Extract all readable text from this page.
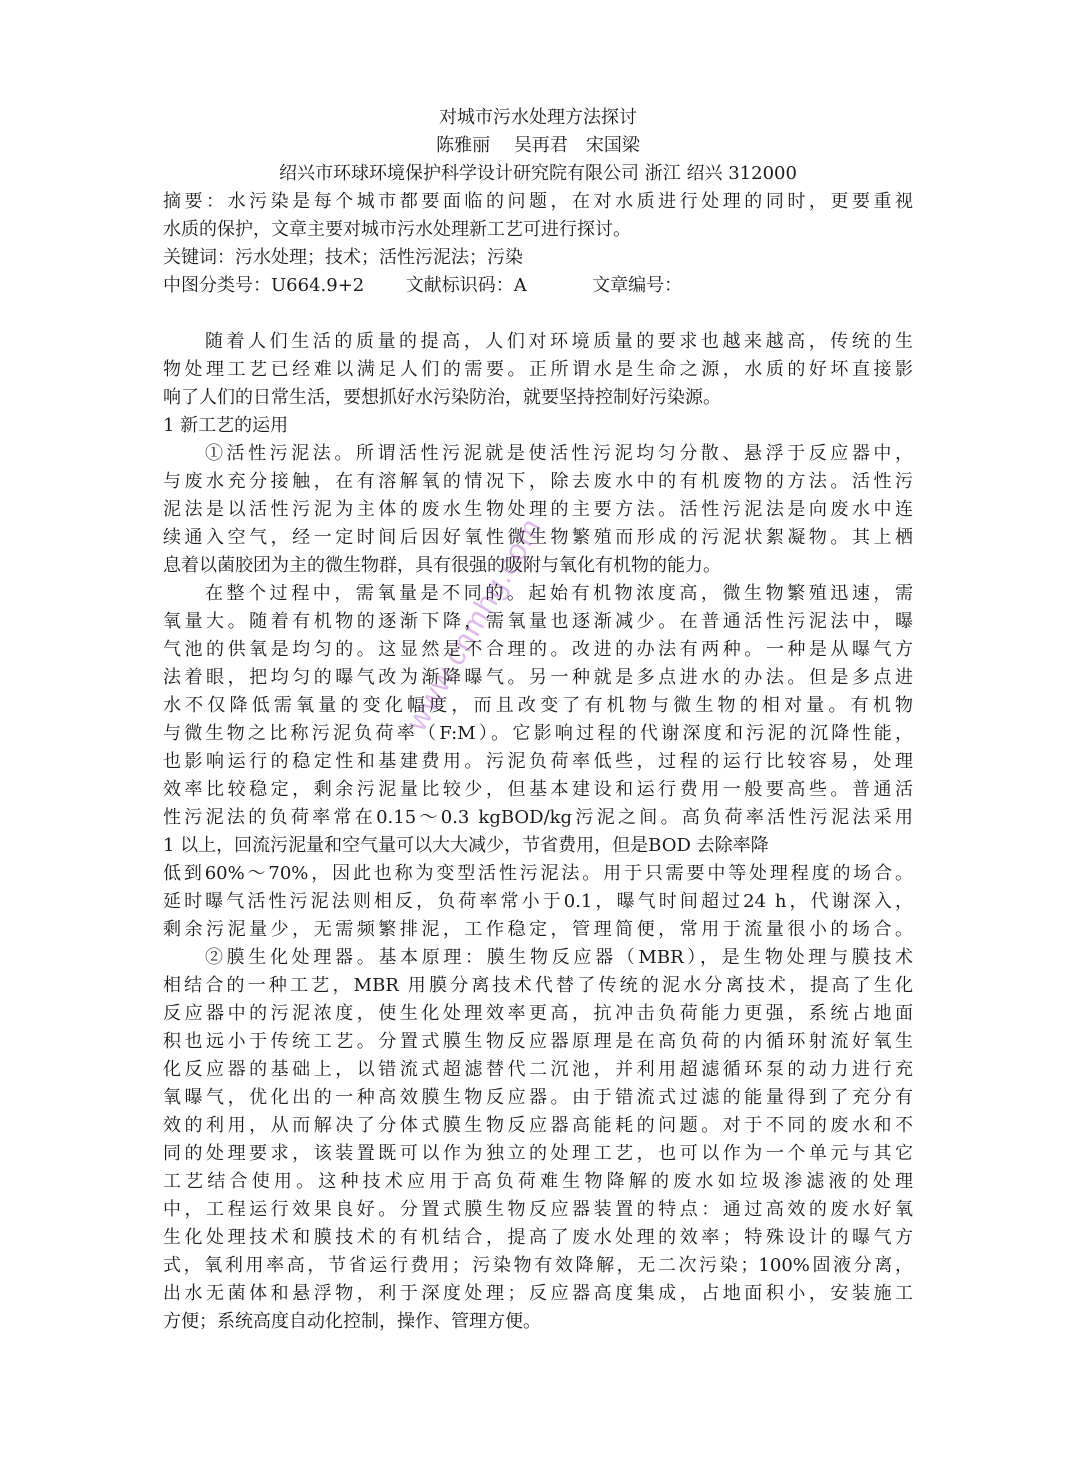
www.cnmhg.com
对城市污水处理方法探讨
陈雅丽　 吴再君　宋国梁
绍兴市环球环境保护科学设计研究院有限公司 浙江 绍兴 312000
摘要：水污染是每个城市都要面临的问题，在对水质进行处理的同时，更要重视
水质的保护，文章主要对城市污水处理新工艺可进行探讨。
关键词：污水处理；技术；活性污泥法；污染
中图分类号：U664.9+2 文献标识码：A	文章编号：
随着人们生活的质量的提高，人们对环境质量的要求也越来越高，传统的生
物处理工艺已经难以满足人们的需要。正所谓水是生命之源，水质的好坏直接影
响了人们的日常生活，要想抓好水污染防治，就要坚持控制好污染源。
1 新工艺的运用
①活性污泥法。所谓活性污泥就是使活性污泥均匀分散、悬浮于反应器中，
与废水充分接触，在有溶解氧的情况下，除去废水中的有机废物的方法。活性污
泥法是以活性污泥为主体的废水生物处理的主要方法。活性污泥法是向废水中连
续通入空气，经一定时间后因好氧性微生物繁殖而形成的污泥状絮凝物。其上栖
息着以菌胶团为主的微生物群，具有很强的吸附与氧化有机物的能力。
在整个过程中，需氧量是不同的。起始有机物浓度高，微生物繁殖迅速，需
氧量大。随着有机物的逐渐下降，需氧量也逐渐减少。在普通活性污泥法中，曝
气池的供氧是均匀的。这显然是不合理的。改进的办法有两种。一种是从曝气方
法着眼，把均匀的曝气改为渐降曝气。另一种就是多点进水的办法。但是多点进
水不仅降低需氧量的变化幅度，而且改变了有机物与微生物的相对量。有机物
与微生物之比称污泥负荷率（F:M）。它影响过程的代谢深度和污泥的沉降性能，
也影响运行的稳定性和基建费用。污泥负荷率低些，过程的运行比较容易，处理
效率比较稳定，剩余污泥量比较少，但基本建设和运行费用一般要高些。普通活
性污泥法的负荷率常在0.15～0.3 kgBOD/kg污泥之间。高负荷率活性污泥法采用
1 以上，回流污泥量和空气量可以大大减少，节省费用，但是BOD 去除率降
低到60%～70%，因此也称为变型活性污泥法。用于只需要中等处理程度的场合。
延时曝气活性污泥法则相反，负荷率常小于0.1，曝气时间超过24 h，代谢深入，
剩余污泥量少，无需频繁排泥，工作稳定，管理简便，常用于流量很小的场合。
②膜生化处理器。基本原理：膜生物反应器（MBR），是生物处理与膜技术
相结合的一种工艺，MBR 用膜分离技术代替了传统的泥水分离技术，提高了生化
反应器中的污泥浓度，使生化处理效率更高，抗冲击负荷能力更强，系统占地面
积也远小于传统工艺。分置式膜生物反应器原理是在高负荷的内循环射流好氧生
化反应器的基础上，以错流式超滤替代二沉池，并利用超滤循环泵的动力进行充
氧曝气，优化出的一种高效膜生物反应器。由于错流式过滤的能量得到了充分有
效的利用，从而解决了分体式膜生物反应器高能耗的问题。对于不同的废水和不
同的处理要求，该装置既可以作为独立的处理工艺，也可以作为一个单元与其它
工艺结合使用。这种技术应用于高负荷难生物降解的废水如垃圾渗滤液的处理
中，工程运行效果良好。分置式膜生物反应器装置的特点：通过高效的废水好氧
生化处理技术和膜技术的有机结合，提高了废水处理的效率；特殊设计的曝气方
式，氧利用率高，节省运行费用；污染物有效降解，无二次污染；100%固液分离，
出水无菌体和悬浮物，利于深度处理；反应器高度集成，占地面积小，安装施工
方便；系统高度自动化控制，操作、管理方便。
